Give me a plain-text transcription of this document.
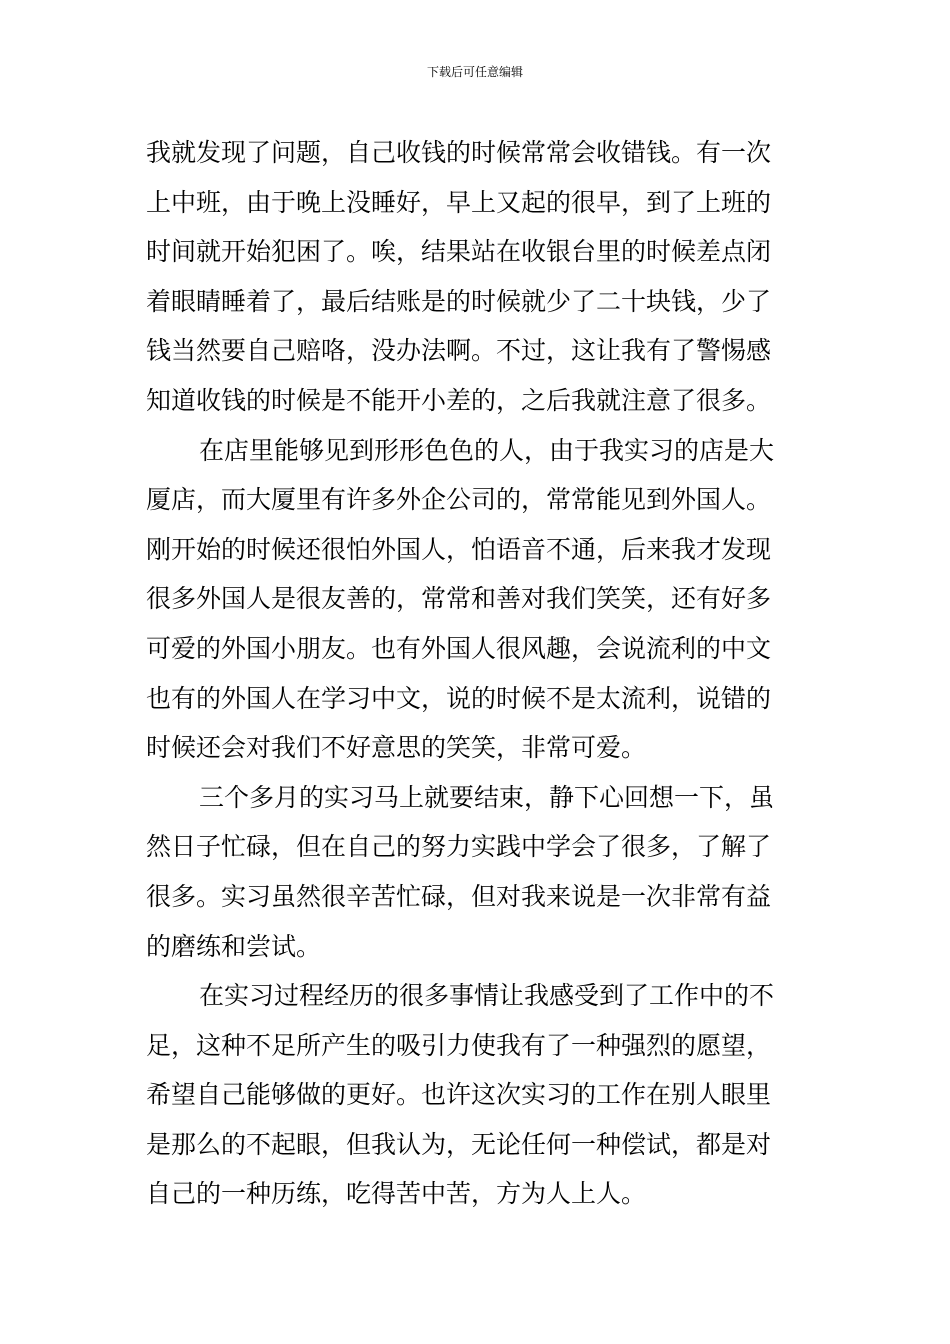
下载后可任意编辑
我就发现了问题，自己收钱的时候常常会收错钱。有一次
上中班，由于晚上没睡好，早上又起的很早，到了上班的
时间就开始犯困了。唉，结果站在收银台里的时候差点闭
着眼睛睡着了，最后结账是的时候就少了二十块钱，少了
钱当然要自己赔咯，没办法啊。不过，这让我有了警惕感
知道收钱的时候是不能开小差的，之后我就注意了很多。
在店里能够见到形形色色的人，由于我实习的店是大
厦店，而大厦里有许多外企公司的，常常能见到外国人。
刚开始的时候还很怕外国人，怕语音不通，后来我才发现
很多外国人是很友善的，常常和善对我们笑笑，还有好多
可爱的外国小朋友。也有外国人很风趣，会说流利的中文
也有的外国人在学习中文，说的时候不是太流利，说错的
时候还会对我们不好意思的笑笑，非常可爱。
三个多月的实习马上就要结束，静下心回想一下，虽
然日子忙碌，但在自己的努力实践中学会了很多，了解了
很多。实习虽然很辛苦忙碌，但对我来说是一次非常有益
的磨练和尝试。
在实习过程经历的很多事情让我感受到了工作中的不
足，这种不足所产生的吸引力使我有了一种强烈的愿望，
希望自己能够做的更好。也许这次实习的工作在别人眼里
是那么的不起眼，但我认为，无论任何一种偿试，都是对
自己的一种历练，吃得苦中苦，方为人上人。
